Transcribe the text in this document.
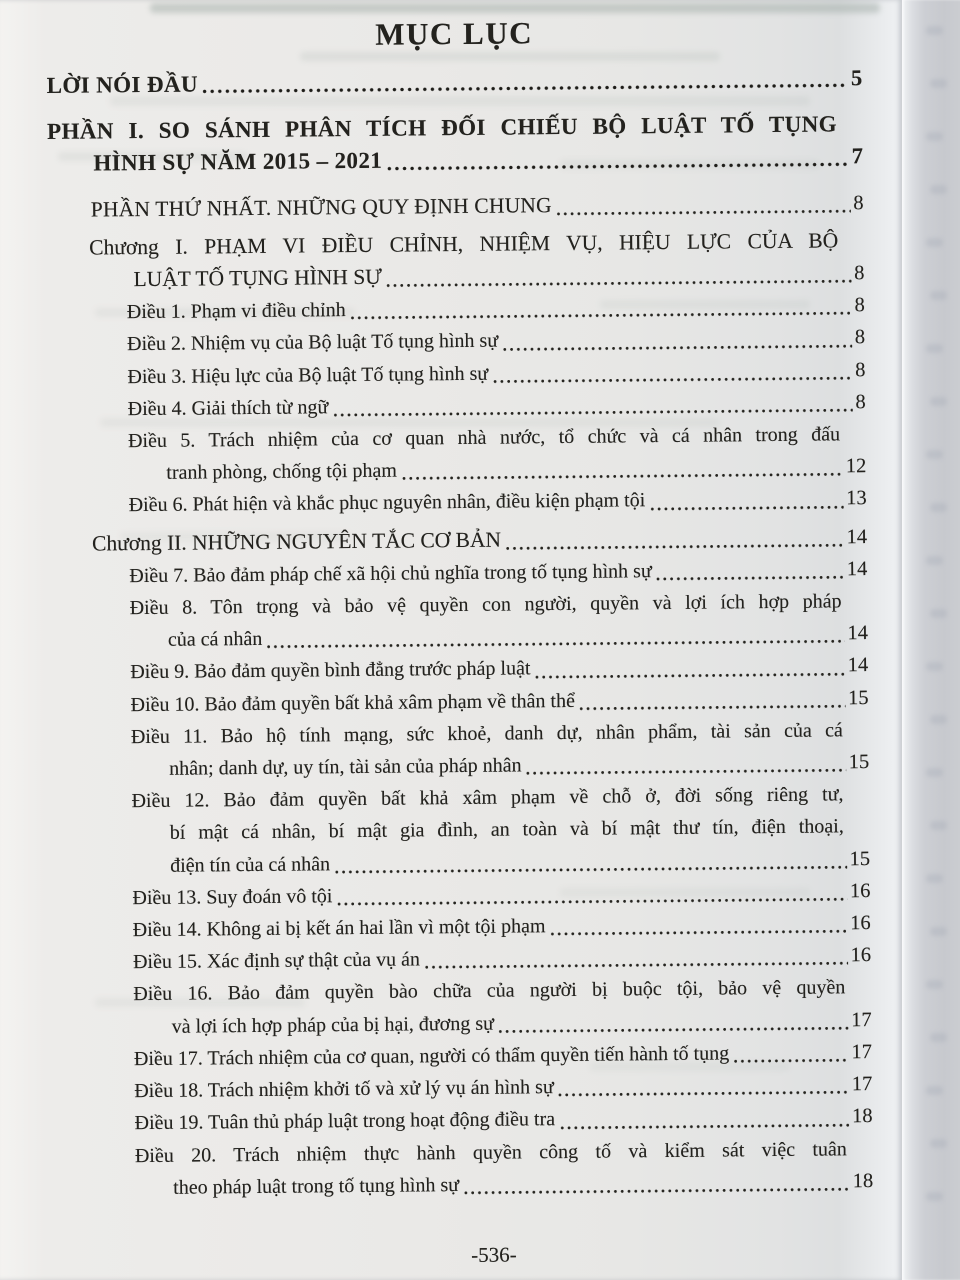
MỤC LỤC
LỜI NÓI ĐẦU	5
PHẦN I. SO SÁNH PHÂN TÍCH ĐỐI CHIẾU BỘ LUẬT TỐ TỤNG
HÌNH SỰ NĂM 2015 – 2021	7
PHẦN THỨ NHẤT. NHỮNG QUY ĐỊNH CHUNG	8
Chương I. PHẠM VI ĐIỀU CHỈNH, NHIỆM VỤ, HIỆU LỰC CỦA BỘ
LUẬT TỐ TỤNG HÌNH SỰ	8
Điều 1. Phạm vi điều chỉnh	8
Điều 2. Nhiệm vụ của Bộ luật Tố tụng hình sự	8
Điều 3. Hiệu lực của Bộ luật Tố tụng hình sự	8
Điều 4. Giải thích từ ngữ	8
Điều 5. Trách nhiệm của cơ quan nhà nước, tổ chức và cá nhân trong đấu
tranh phòng, chống tội phạm	12
Điều 6. Phát hiện và khắc phục nguyên nhân, điều kiện phạm tội	13
Chương II. NHỮNG NGUYÊN TẮC CƠ BẢN	14
Điều 7. Bảo đảm pháp chế xã hội chủ nghĩa trong tố tụng hình sự	14
Điều 8. Tôn trọng và bảo vệ quyền con người, quyền và lợi ích hợp pháp
của cá nhân	14
Điều 9. Bảo đảm quyền bình đẳng trước pháp luật	14
Điều 10. Bảo đảm quyền bất khả xâm phạm về thân thể	15
Điều 11. Bảo hộ tính mạng, sức khoẻ, danh dự, nhân phẩm, tài sản của cá
nhân; danh dự, uy tín, tài sản của pháp nhân	15
Điều 12. Bảo đảm quyền bất khả xâm phạm về chỗ ở, đời sống riêng tư,
bí mật cá nhân, bí mật gia đình, an toàn và bí mật thư tín, điện thoại,
điện tín của cá nhân	15
Điều 13. Suy đoán vô tội	16
Điều 14. Không ai bị kết án hai lần vì một tội phạm	16
Điều 15. Xác định sự thật của vụ án	16
Điều 16. Bảo đảm quyền bào chữa của người bị buộc tội, bảo vệ quyền
và lợi ích hợp pháp của bị hại, đương sự	17
Điều 17. Trách nhiệm của cơ quan, người có thẩm quyền tiến hành tố tụng	17
Điều 18. Trách nhiệm khởi tố và xử lý vụ án hình sự	17
Điều 19. Tuân thủ pháp luật trong hoạt động điều tra	18
Điều 20. Trách nhiệm thực hành quyền công tố và kiểm sát việc tuân
theo pháp luật trong tố tụng hình sự	18
-536-
